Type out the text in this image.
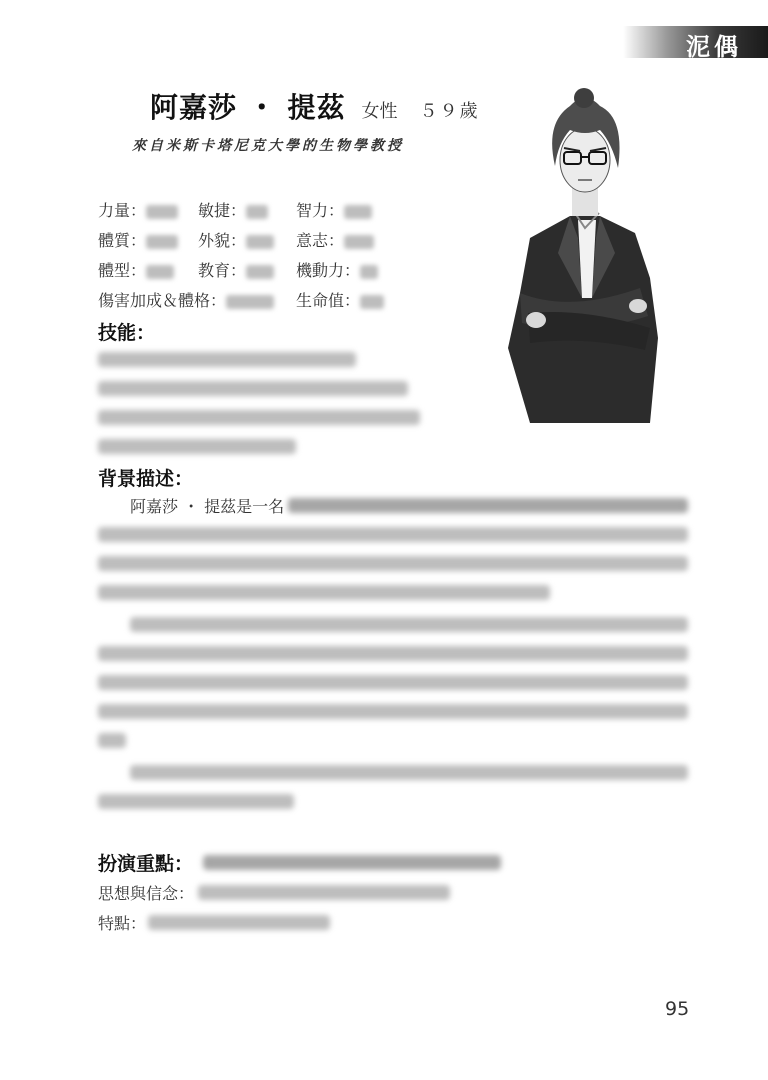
泥偶
阿嘉莎 ・ 提茲 女性 ５９歲
來自米斯卡塔尼克大學的生物學教授
力量：	敏捷：	智力：
體質：	外貌：	意志：
體型：	教育：	機動力：
傷害加成＆體格：	生命值：
技能：
背景描述：
阿嘉莎 ・ 提茲是一名
扮演重點：
思想與信念：
特點：
95
